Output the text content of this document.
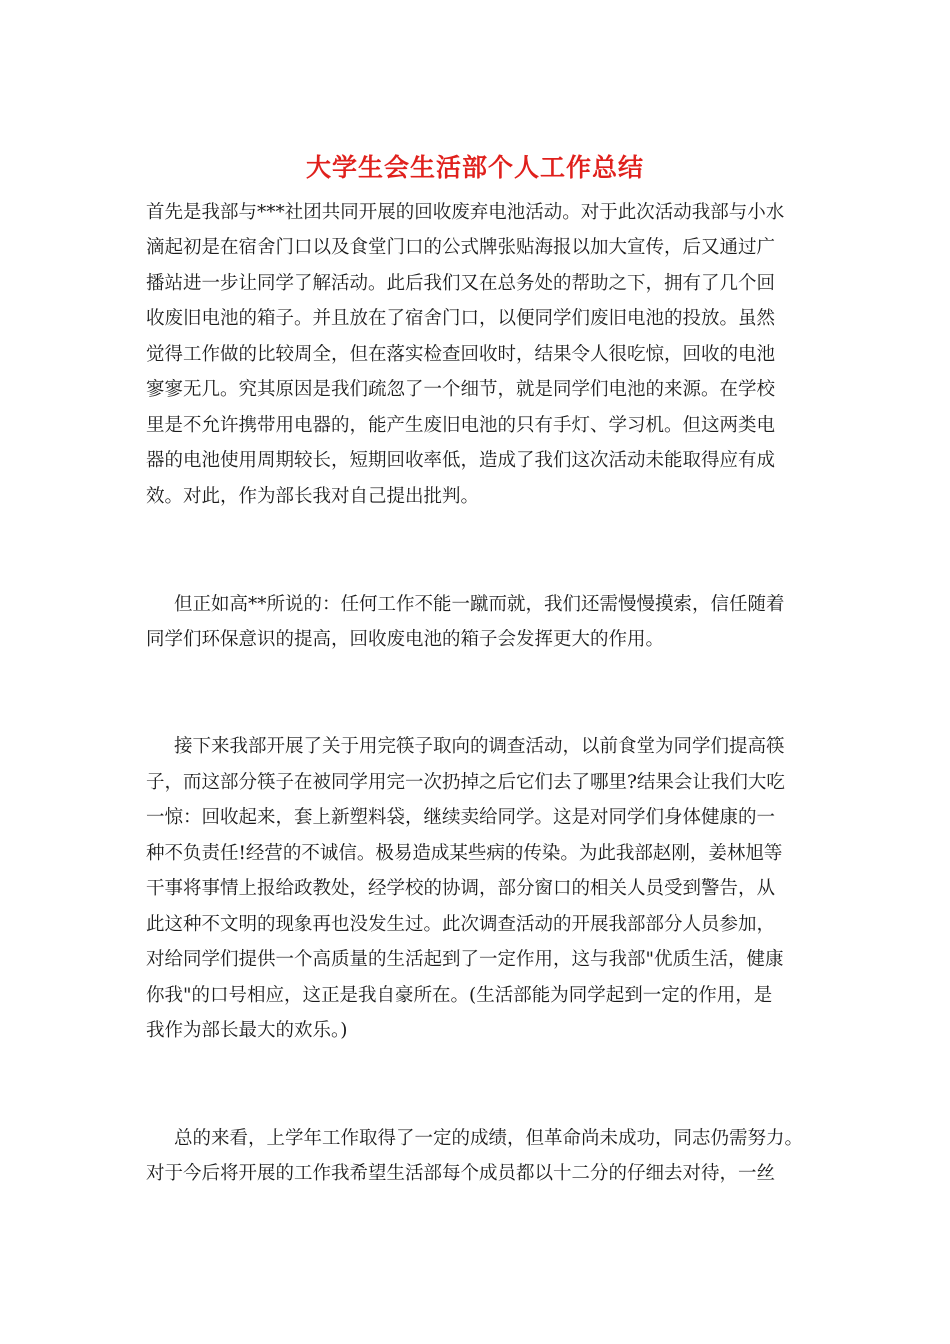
大学生会生活部个人工作总结
首先是我部与***社团共同开展的回收废弃电池活动。对于此次活动我部与小水
滴起初是在宿舍门口以及食堂门口的公式牌张贴海报以加大宣传，后又通过广
播站进一步让同学了解活动。此后我们又在总务处的帮助之下，拥有了几个回
收废旧电池的箱子。并且放在了宿舍门口，以便同学们废旧电池的投放。虽然
觉得工作做的比较周全，但在落实检查回收时，结果令人很吃惊，回收的电池
寥寥无几。究其原因是我们疏忽了一个细节，就是同学们电池的来源。在学校
里是不允许携带用电器的，能产生废旧电池的只有手灯、学习机。但这两类电
器的电池使用周期较长，短期回收率低，造成了我们这次活动未能取得应有成
效。对此，作为部长我对自己提出批判。
但正如高**所说的：任何工作不能一蹴而就，我们还需慢慢摸索，信任随着
同学们环保意识的提高，回收废电池的箱子会发挥更大的作用。
接下来我部开展了关于用完筷子取向的调查活动，以前食堂为同学们提高筷
子，而这部分筷子在被同学用完一次扔掉之后它们去了哪里?结果会让我们大吃
一惊：回收起来，套上新塑料袋，继续卖给同学。这是对同学们身体健康的一
种不负责任!经营的不诚信。极易造成某些病的传染。为此我部赵刚，姜林旭等
干事将事情上报给政教处，经学校的协调，部分窗口的相关人员受到警告，从
此这种不文明的现象再也没发生过。此次调查活动的开展我部部分人员参加，
对给同学们提供一个高质量的生活起到了一定作用，这与我部"优质生活，健康
你我"的口号相应，这正是我自豪所在。(生活部能为同学起到一定的作用，是
我作为部长最大的欢乐。)
总的来看，上学年工作取得了一定的成绩，但革命尚未成功，同志仍需努力。
对于今后将开展的工作我希望生活部每个成员都以十二分的仔细去对待，一丝
